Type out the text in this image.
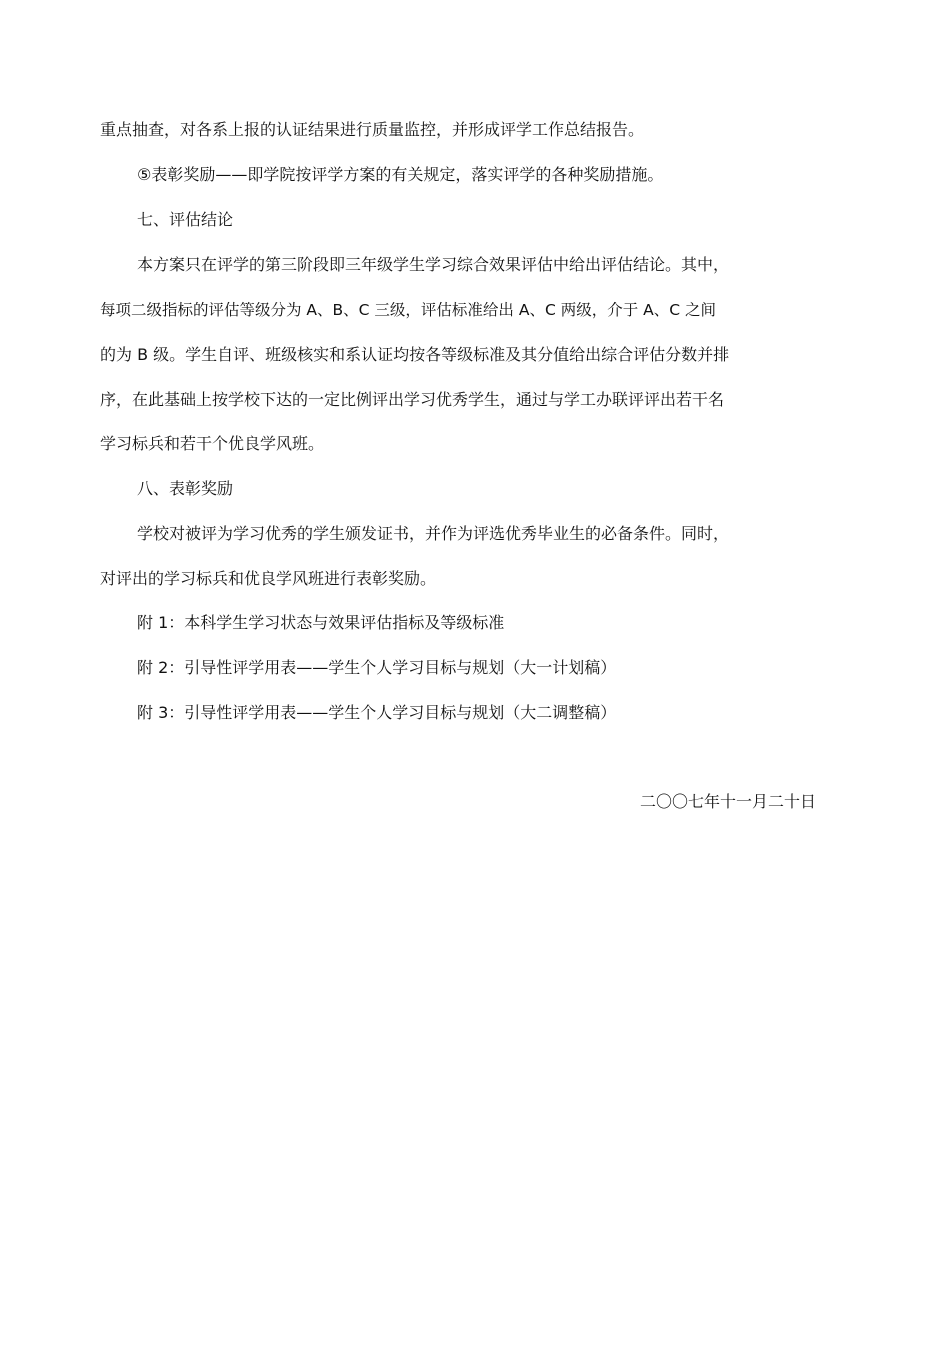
重点抽查，对各系上报的认证结果进行质量监控，并形成评学工作总结报告。
⑤表彰奖励——即学院按评学方案的有关规定，落实评学的各种奖励措施。
七、评估结论
本方案只在评学的第三阶段即三年级学生学习综合效果评估中给出评估结论。其中，
每项二级指标的评估等级分为 A、B、C 三级，评估标准给出 A、C 两级，介于 A、C 之间
的为 B 级。学生自评、班级核实和系认证均按各等级标准及其分值给出综合评估分数并排
序，在此基础上按学校下达的一定比例评出学习优秀学生，通过与学工办联评评出若干名
学习标兵和若干个优良学风班。
八、表彰奖励
学校对被评为学习优秀的学生颁发证书，并作为评选优秀毕业生的必备条件。同时，
对评出的学习标兵和优良学风班进行表彰奖励。
附 1：本科学生学习状态与效果评估指标及等级标准
附 2：引导性评学用表——学生个人学习目标与规划（大一计划稿）
附 3：引导性评学用表——学生个人学习目标与规划（大二调整稿）
二〇〇七年十一月二十日
